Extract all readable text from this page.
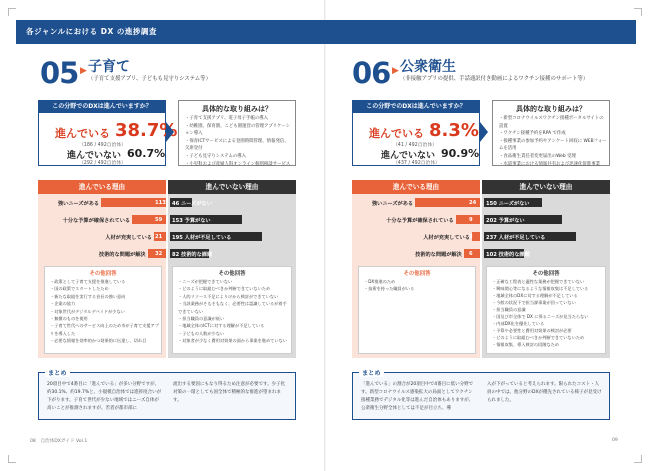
各ジャンルにおける DX の進捗調査
05 ▶ 子育て
（子育て支援アプリ、子どもも見守りシステム等）
この分野でのDXは進んでいますか？
進んでいる 38.7%
（186 / 492自治体）
進んでいない 60.7%
（292 / 492自治体）
具体的な取り組みは？
・子育て支援アプリ、電子母子手帳の導入
・幼稚園、保育園、こども園運営の管理アプリケーション導入
・保育ICTサービスによる登園時間管理、情報発信、欠席登付
・子ども見守りシステムの導入
・小児科および産婦人科オンライン個別相談サービス
進んでいる理由	進んでいない理由
113
強いニーズがある
59
十分な予算が確保されている
21
人材が充実している
32
技術的な問題が解決
46 ニーズがない
153 予算がない
195 人材が不足している
82 技術的な課題
その他回答
・政策として子育て支援を推進している
・国の政策でスタートしたため
・新たな取組を実行する首長の強い意向
・企業の協力
・対象世代がデジタルデバイドが少ない
・無償のものを使用
・子育て世代へのサービス向上のため市が子育て支援アプリを導入した
・必要な情報を効率的かつ効果的に伝達し、切れ目
その他回答
・ニーズが把握できていない
・どのように取組むべきか判断できていないため
・人的リソース不足によりけから検討ができていない
・当該業務がそもそもなく、必要性は認識しているが着手できていない
・担当職員の意識が低い
・地域全体のICTに対する理解が不足している
・子どもの人数が少ない
・対象者が少なく費用対効果の面から事業を進めていない
まとめ
20項目中で4番目に「進んでいる」が多い分野ですが、約30.1%、約19.7%と、小規模自治体では進捗度合いが下がります。子育て世代が少ない地域ではニーズ自体が高いことが推測されますが、若者が都市部に
流出する要因にもなり得るため注意が必要です。少子化対策の一環としても国全体で積極的な推進が望まれます。
08　自治体DXガイド Vol.1
06 ▶ 公衆衛生
（非接触アプリの提供、手話通訳付き動画によるワクチン接種のサポート等）
この分野でのDXは進んでいますか？
進んでいる 8.3%
（41 / 492自治体）
進んでいない 90.9%
（437 / 492自治体）
具体的な取り組みは？
・新型コロナウイルスワクチン接種ポータルサイトの設置
・ワクチン接種予約をRPA で作成
・接種事業の参加予約やアンケート回収に WEBフォームを活用
・食品衛生責任者変更届出のWeb 受理
・水道事業における情報共有および迅速化促進事業
進んでいる理由	進んでいない理由
24
強いニーズがある
9
十分な予算が確保されている
3
人材が充実している
6
技術的な問題が解決
150 ニーズがない
202 予算がない
237 人材が不足している
102 技術的な課題
その他回答
・DX推進のため
・技術を持った職員がいる
その他回答
・正確な工程表と適性な業務が把握できていない
・興味関心等になるような情報収集は不足している
・地域全体のDXに対する理解が不足している
・今般の状況下で担当課事業が回っていない
・担当職員の意識
・国及び市全体で DX に係るニーズが見当たらない
・内部DX化を優先している
・予算や必要性と費用対効果の検討が必要
・どのように取組むべきか判断できていないため
・情報収集、導入検討の段階なため
まとめ
「進んでいる」の割合が20項目中で4番目に低い分野です。新型コロナウイルス感染拡大の局面としてワクチン接種業務でデジタル化等は進んだ自治体もありますが、公衆衛生分野全体としては不足が目立ち、導
入が下がっていると考えられます。限られたコスト・人員の中では、他分野のDXが優先されている様子が見受けられました。
09
